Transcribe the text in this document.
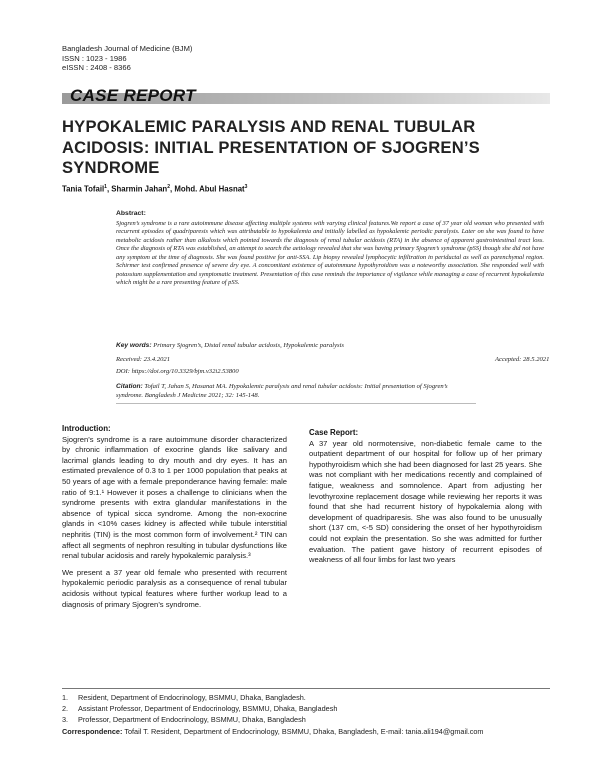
Bangladesh Journal of Medicine (BJM)
ISSN : 1023 - 1986
eISSN : 2408 - 8366
CASE REPORT
HYPOKALEMIC PARALYSIS AND RENAL TUBULAR ACIDOSIS: INITIAL PRESENTATION OF SJOGREN’S SYNDROME
Tania Tofail$^1$, Sharmin Jahan$^2$, Mohd. Abul Hasnat$^3$
Abstract:
Sjogren’s syndrome is a rare autoimmune disease affecting multiple systems with varying clinical features.We report a case of 37 year old woman who presented with recurrent episodes of quadriparesis which was attributable to hypokalemia and initially labelled as hypokalemic periodic paralysis. Later on she was found to have metabolic acidosis rather than alkalosis which pointed towards the diagnosis of renal tubular acidosis (RTA) in the absence of apparent gastrointestinal tract loss. Once the diagnosis of RTA was established, an attempt to search the aetiology revealed that she was having primary Sjogren’s syndrome (pSS) though she did not have any symptom at the time of diagnosis. She was found positive for anti-SSA. Lip biopsy revealed lymphocytic infiltration in periductal as well as parenchymal region. Schirmer test confirmed presence of severe dry eye. A concomitant existence of autoimmune hypothyroidism was a noteworthy association. She responded well with potassium supplementation and symptomatic treatment. Presentation of this case reminds the importance of vigilance while managing a case of recurrent hypokalemia which might be a rare presenting feature of pSS.
Key words: Primary Sjogren’s, Distal renal tubular acidosis, Hypokalemic paralysis
Received: 23.4.2021	Accepted: 28.5.2021
DOI: https://doi.org/10.3329/bjm.v32i2.53800
Citation: Tofail T, Jahan S, Hasanat MA. Hypokalemic paralysis and renal tubular acidosis: Initial presentation of Sjogren’s syndrome. Bangladesh J Medicine 2021; 32: 145-148.
Introduction:

Sjogren’s syndrome is a rare autoimmune disorder characterized by chronic inflammation of exocrine glands like salivary and lacrimal glands leading to dry mouth and dry eyes. It has an estimated prevalence of 0.3 to 1 per 1000 population that peaks at 50 years of age with a female preponderance having female: male ratio of 9:1.¹ However it poses a challenge to clinicians when the syndrome presents with extra glandular manifestations in the absence of typical sicca syndrome. Among the non-exocrine glands in <10% cases kidney is affected while tubule interstitial nephritis (TIN) is the most common form of involvement.² TIN can affect all segments of nephron resulting in tubular dysfunctions like renal tubular acidosis and rarely hypokalemic paralysis.³

We present a 37 year old female who presented with recurrent hypokalemic periodic paralysis as a consequence of renal tubular acidosis without typical features where further workup lead to a diagnosis of primary Sjogren’s syndrome.

Case Report:

A 37 year old normotensive, non-diabetic female came to the outpatient department of our hospital for follow up of her primary hypothyroidism which she had been diagnosed for last 25 years. She was not compliant with her medications recently and complained of fatigue, weakness and somnolence. Apart from adjusting her levothyroxine replacement dosage while reviewing her reports it was found that she had recurrent history of hypokalemia along with development of quadriparesis. She was also found to be unusually short (137 cm, <-5 SD) considering the onset of her hypothyroidism could not explain the presentation. So she was admitted for further evaluation. The patient gave history of recurrent episodes of weakness of all four limbs for last two years

1. Resident, Department of Endocrinology, BSMMU, Dhaka, Bangladesh.
2. Assistant Professor, Department of Endocrinology, BSMMU, Dhaka, Bangladesh
3. Professor, Department of Endocrinology, BSMMU, Dhaka, Bangladesh
Correspondence: Tofail T. Resident, Department of Endocrinology, BSMMU, Dhaka, Bangladesh, E-mail: tania.ali194@gmail.com
